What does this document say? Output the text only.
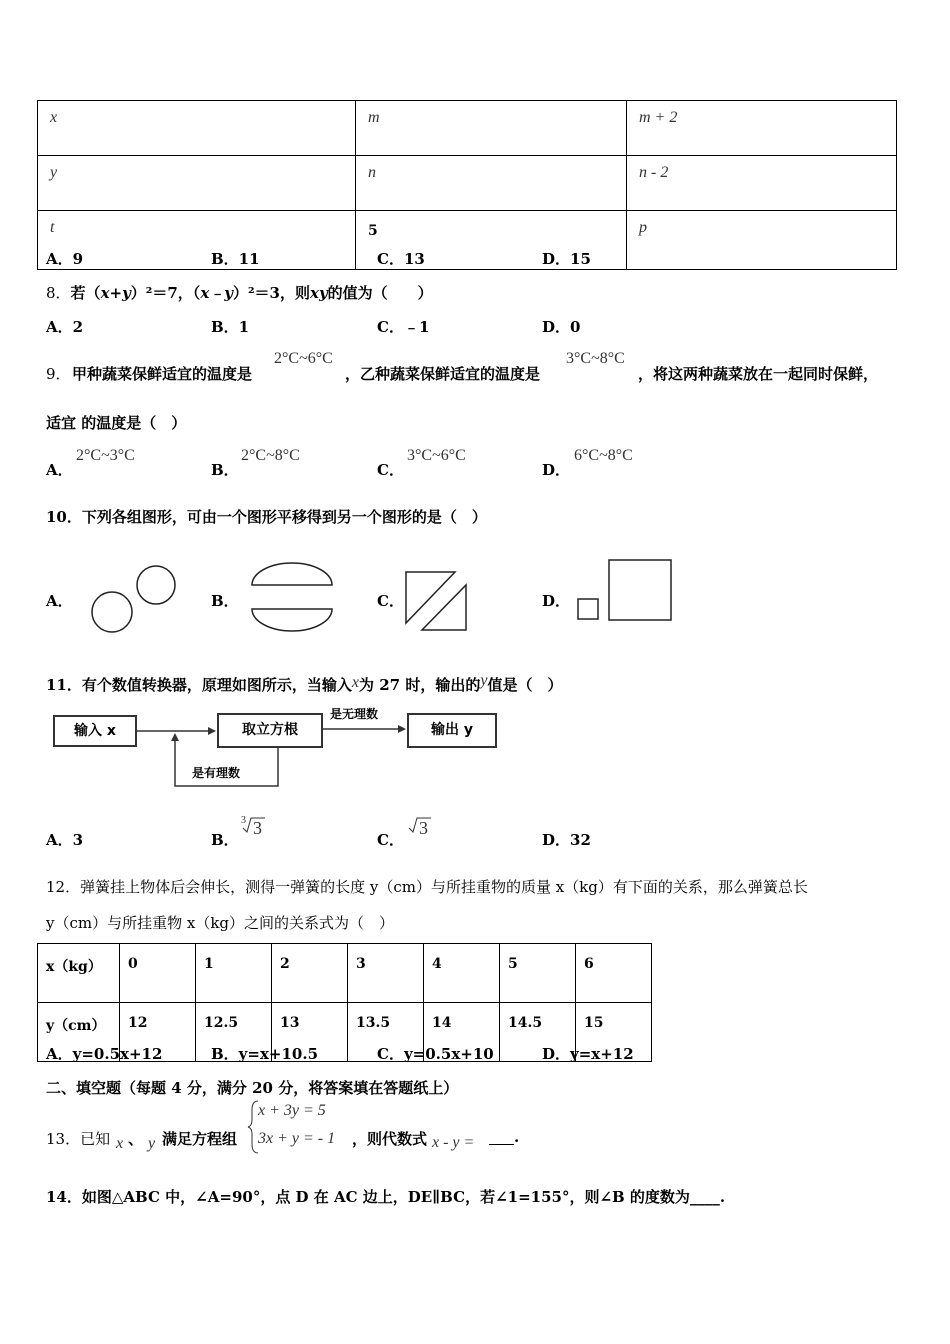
x	m	m + 2
y	n	n - 2
t	5	p
A．9	B．11	C．13	D．15
8．若（x+y）²＝7，（x﹣y）²＝3，则xy的值为（　　）
A．2	B．1	C．﹣1	D．0
9． 甲种蔬菜保鲜适宜的温度是
2°C~6°C
，乙种蔬菜保鲜适宜的温度是
3°C~8°C
，将这两种蔬菜放在一起同时保鲜，
适宜 的温度是（　）
A．
2°C~3°C
B．
2°C~8°C
C．
3°C~6°C
D．
6°C~8°C
10．下列各组图形，可由一个图形平移得到另一个图形的是（　）
A．	B．	C．	D．
11．有个数值转换器，原理如图所示，当输入x为 27 时，输出的y值是（　）
输入 x	取立方根
是无理数
输出 y
是有理数
A．3	B．
3 3
C．
3
D．32
12．弹簧挂上物体后会伸长，测得一弹簧的长度 y（cm）与所挂重物的质量 x（kg）有下面的关系，那么弹簧总长
y（cm）与所挂重物 x（kg）之间的关系式为（　）
x（kg）	0	1	2	3	4	5	6
y（cm）	12	12.5	13	13.5	14	14.5	15
A．y=0.5x+12	B．y=x+10.5	C．y=0.5x+10	D．y=x+12
二、填空题（每题 4 分，满分 20 分，将答案填在答题纸上）
13．已知 x 、 y 满足方程组
x + 3y = 5
3x + y = - 1 ，则代数式 x - y =	.
14．如图△ABC 中，∠A=90°，点 D 在 AC 边上，DE∥BC，若∠1=155°，则∠B 的度数为____.
